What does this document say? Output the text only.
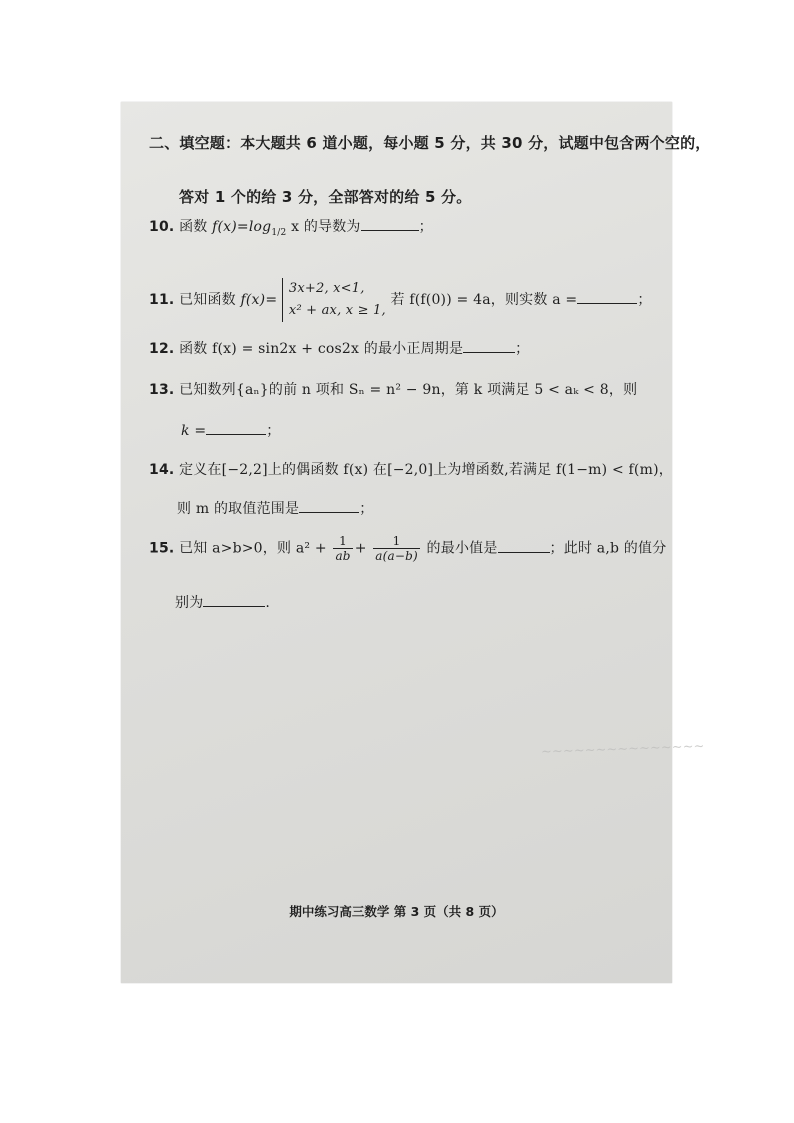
~~~~~~~~~~~~~~~
二、填空题：本大题共 6 道小题，每小题 5 分，共 30 分，试题中包含两个空的，
答对 1 个的给 3 分，全部答对的给 5 分。
10. 函数 $f(x)=\log_{1/2}$ x 的导数为	；
11. 已知函数 f(x)=
3x+2, x<1,
x² + ax, x ≥ 1,
若 f(f(0)) = 4a，则实数 a =	；
12. 函数 f(x) = sin2x + cos2x 的最小正周期是	；
13. 已知数列{aₙ}的前 n 项和 Sₙ = n² − 9n，第 k 项满足 5 < aₖ < 8，则
k =	；
14. 定义在[−2,2]上的偶函数 f(x) 在[−2,0]上为增函数,若满足 f(1−m) < f(m)，
则 m 的取值范围是	；
15. 已知 a>b>0，则 $a^2 + \frac{1}{ab} + \frac{1}{a(a-b)}$ 的最小值是	；此时 a,b 的值分
别为	.
期中练习高三数学 第 3 页（共 8 页）
